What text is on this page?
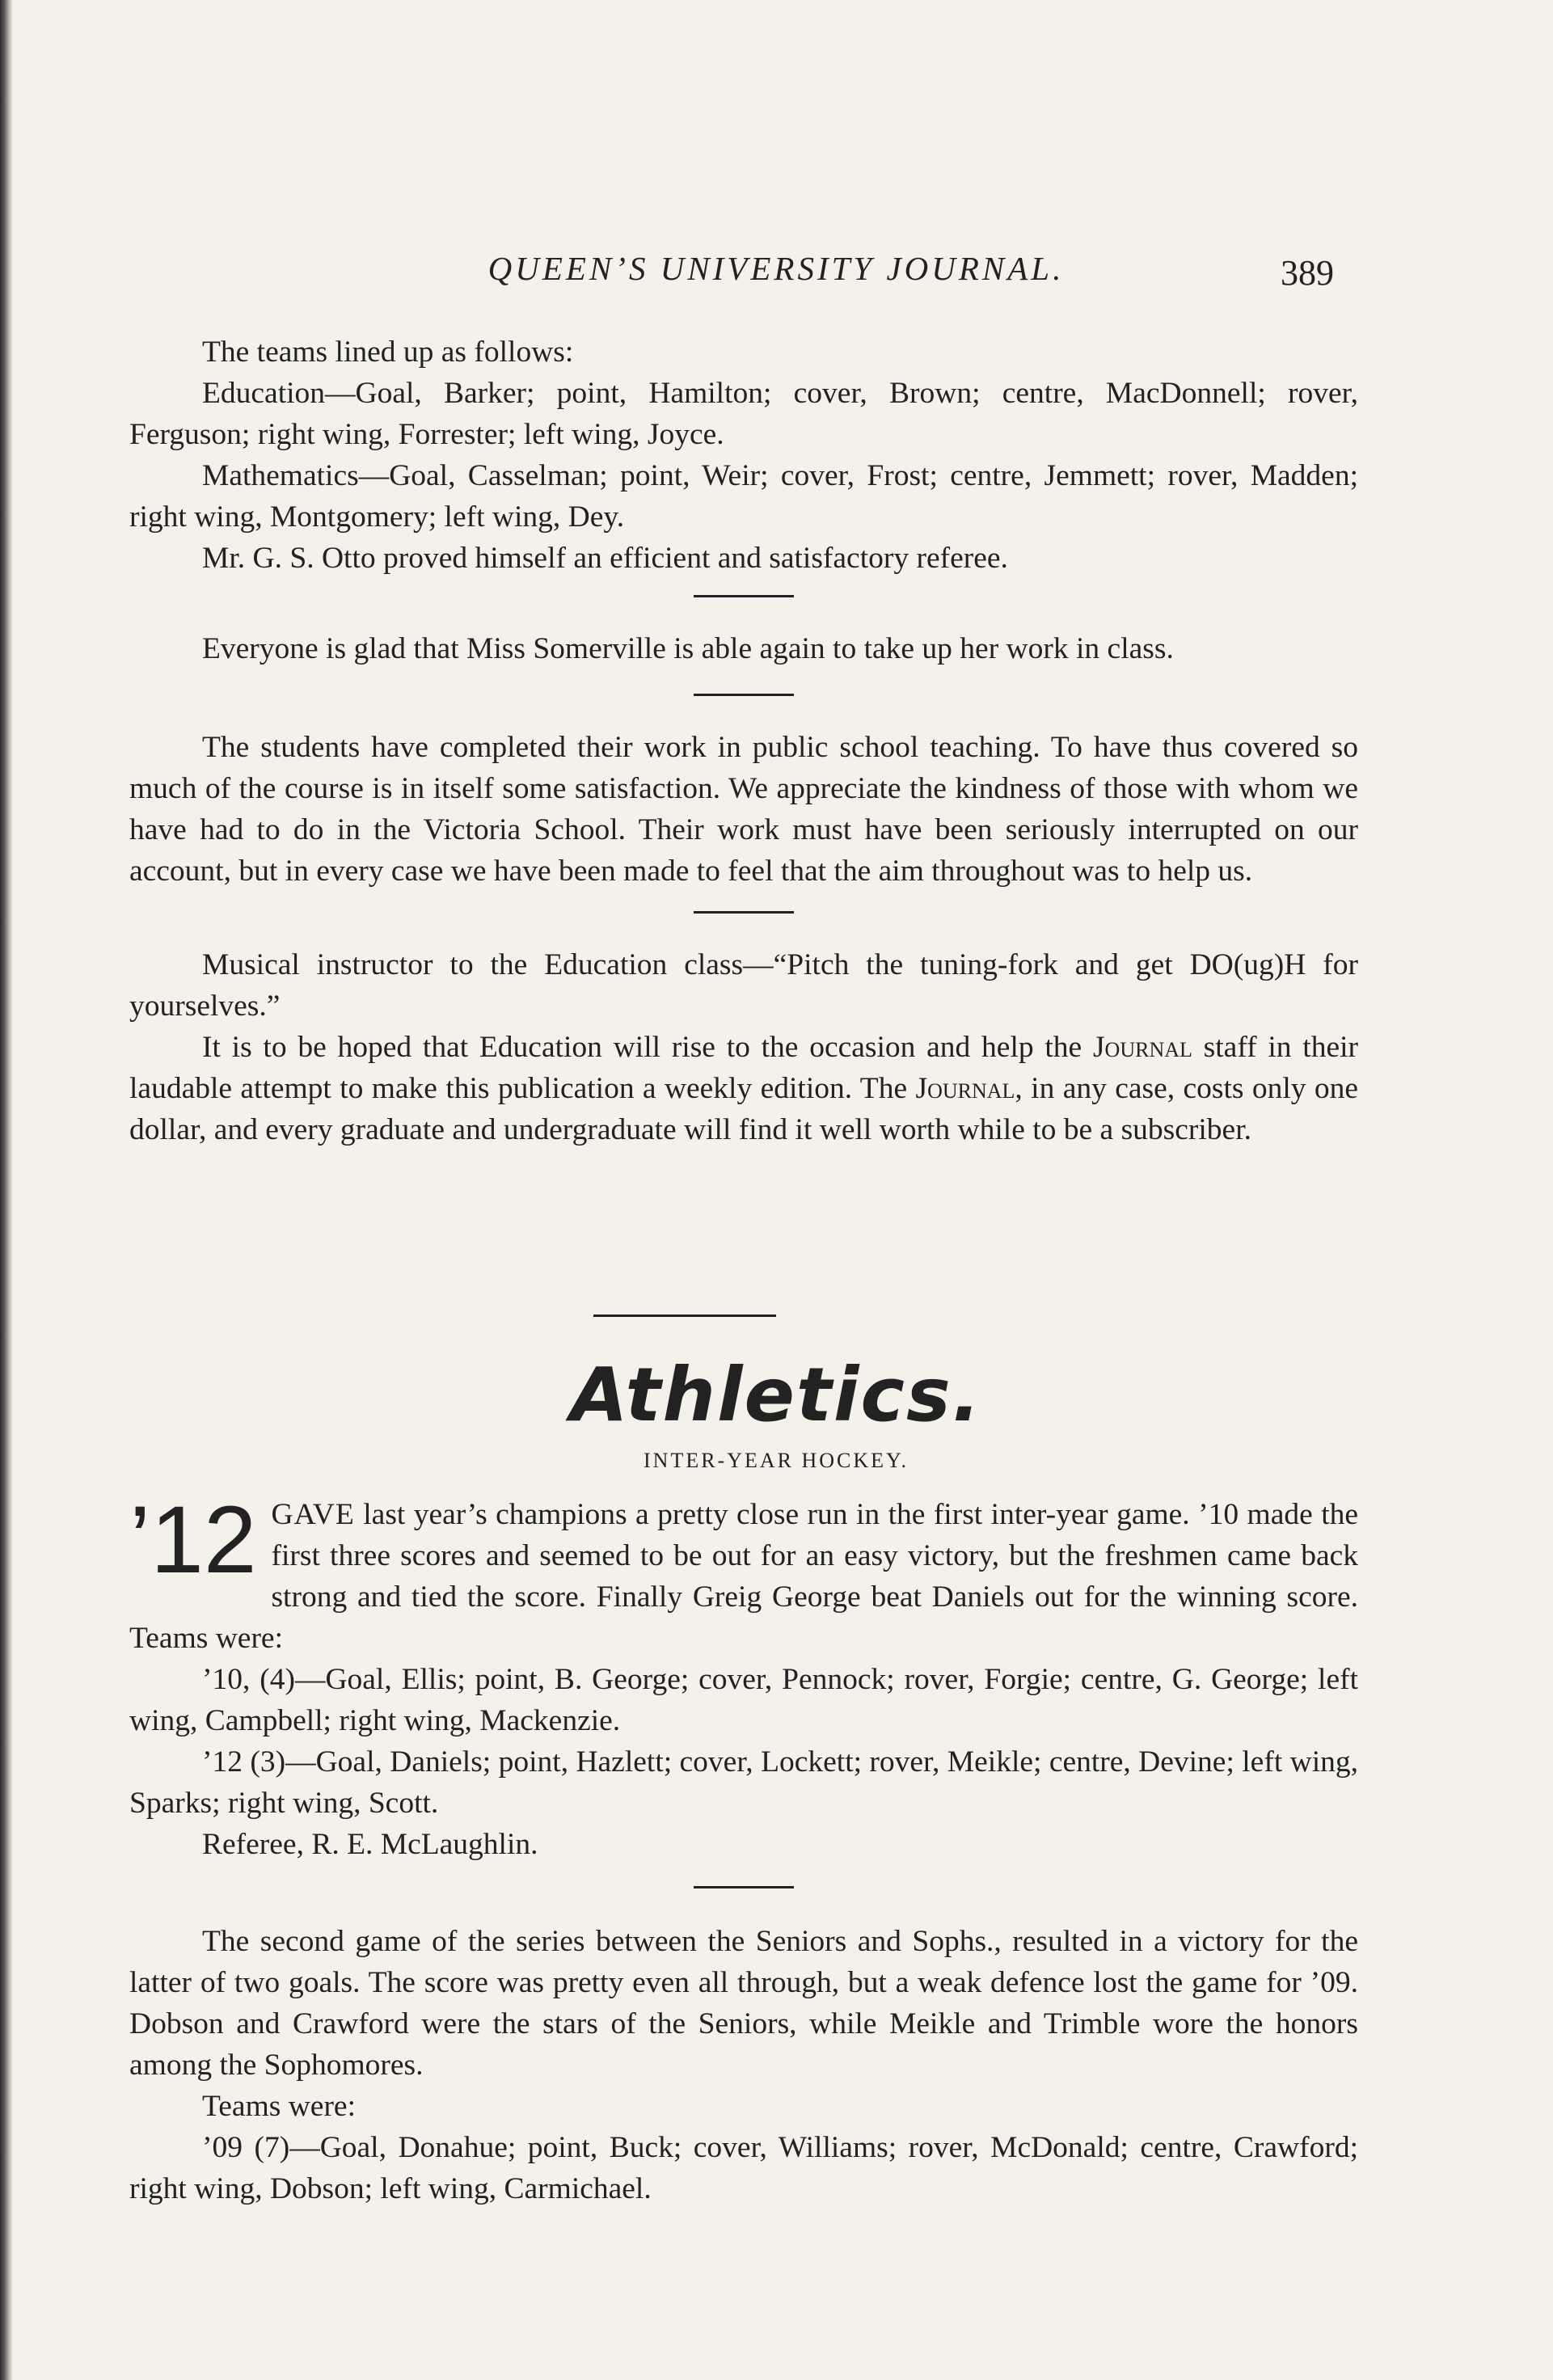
QUEEN’S UNIVERSITY JOURNAL.	389

The teams lined up as follows:

Education—Goal, Barker; point, Hamilton; cover, Brown; centre, MacDonnell; rover, Ferguson; right wing, Forrester; left wing, Joyce.

Mathematics—Goal, Casselman; point, Weir; cover, Frost; centre, Jemmett; rover, Madden; right wing, Montgomery; left wing, Dey.

Mr. G. S. Otto proved himself an efficient and satisfactory referee.

Everyone is glad that Miss Somerville is able again to take up her work in class.

The students have completed their work in public school teaching. To have thus covered so much of the course is in itself some satisfaction. We appreciate the kindness of those with whom we have had to do in the Victoria School. Their work must have been seriously interrupted on our account, but in every case we have been made to feel that the aim throughout was to help us.

Musical instructor to the Education class—“Pitch the tuning-fork and get DO(ug)H for yourselves.”

It is to be hoped that Education will rise to the occasion and help the Journal staff in their laudable attempt to make this publication a weekly edition. The Journal, in any case, costs only one dollar, and every graduate and undergraduate will find it well worth while to be a subscriber.

Athletics.
INTER-YEAR HOCKEY.

’12 GAVE last year’s champions a pretty close run in the first inter-year game. ’10 made the first three scores and seemed to be out for an easy victory, but the freshmen came back strong and tied the score. Finally Greig George beat Daniels out for the winning score. Teams were:

’10, (4)—Goal, Ellis; point, B. George; cover, Pennock; rover, Forgie; centre, G. George; left wing, Campbell; right wing, Mackenzie.

’12 (3)—Goal, Daniels; point, Hazlett; cover, Lockett; rover, Meikle; centre, Devine; left wing, Sparks; right wing, Scott.

Referee, R. E. McLaughlin.

The second game of the series between the Seniors and Sophs., resulted in a victory for the latter of two goals. The score was pretty even all through, but a weak defence lost the game for ’09. Dobson and Crawford were the stars of the Seniors, while Meikle and Trimble wore the honors among the Sophomores.

Teams were:

’09 (7)—Goal, Donahue; point, Buck; cover, Williams; rover, McDonald; centre, Crawford; right wing, Dobson; left wing, Carmichael.
